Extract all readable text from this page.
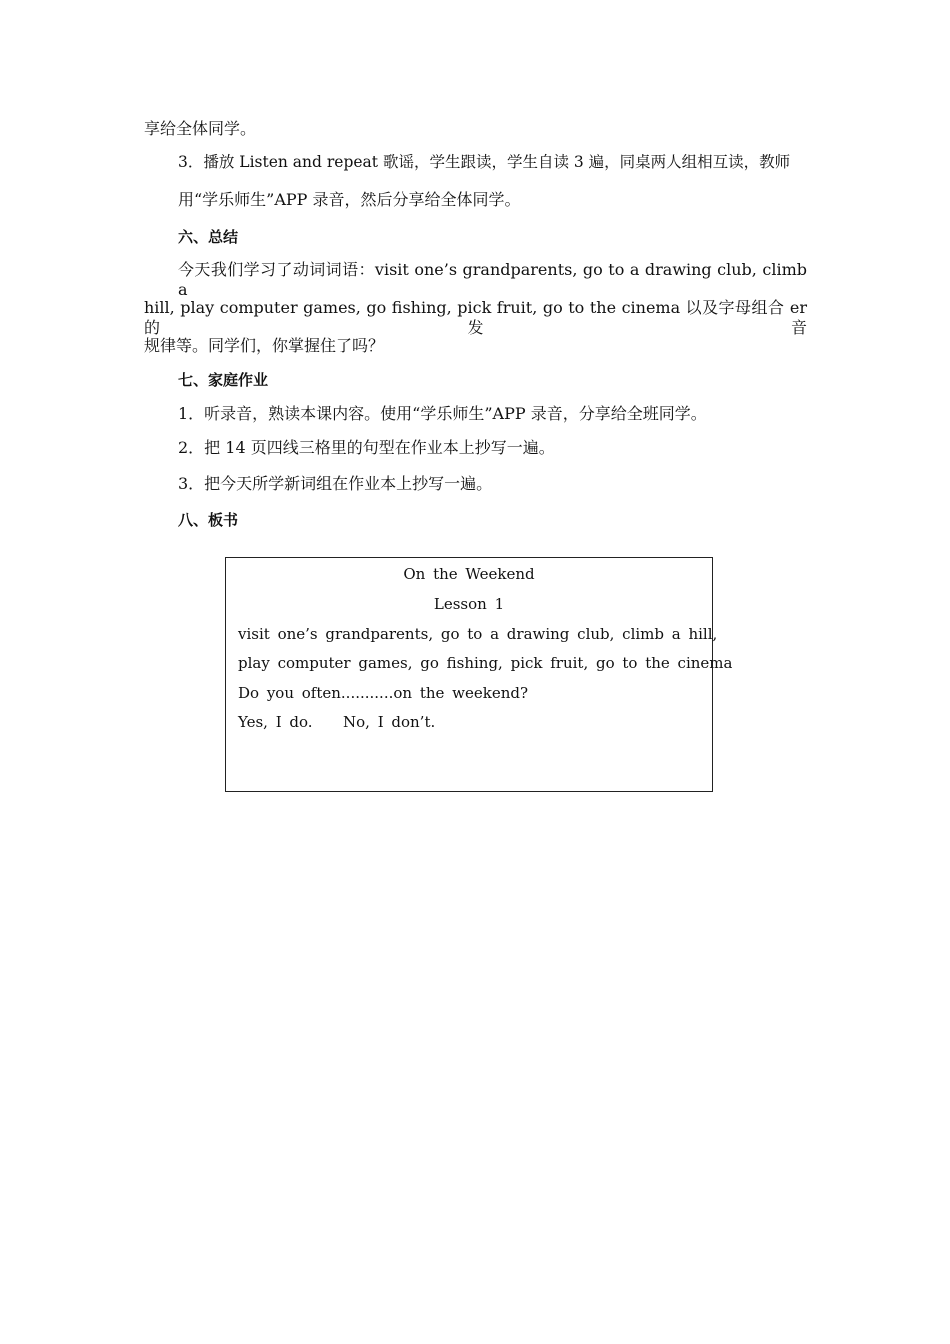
享给全体同学。
3．播放 Listen and repeat 歌谣，学生跟读，学生自读 3 遍，同桌两人组相互读，教师
用“学乐师生”APP 录音，然后分享给全体同学。
六、总结
今天我们学习了动词词语：visit one’s grandparents, go to a drawing club, climb a
hill, play computer games, go fishing, pick fruit, go to the cinema 以及字母组合 er 的发音
规律等。同学们，你掌握住了吗？
七、家庭作业
1．听录音，熟读本课内容。使用“学乐师生”APP 录音，分享给全班同学。
2．把 14 页四线三格里的句型在作业本上抄写一遍。
3．把今天所学新词组在作业本上抄写一遍。
八、板书
On the Weekend
Lesson 1
visit one’s grandparents, go to a drawing club, climb a hill,
play computer games, go fishing, pick fruit, go to the cinema
Do you often...........on the weekend?
Yes, I do. No, I don’t.
